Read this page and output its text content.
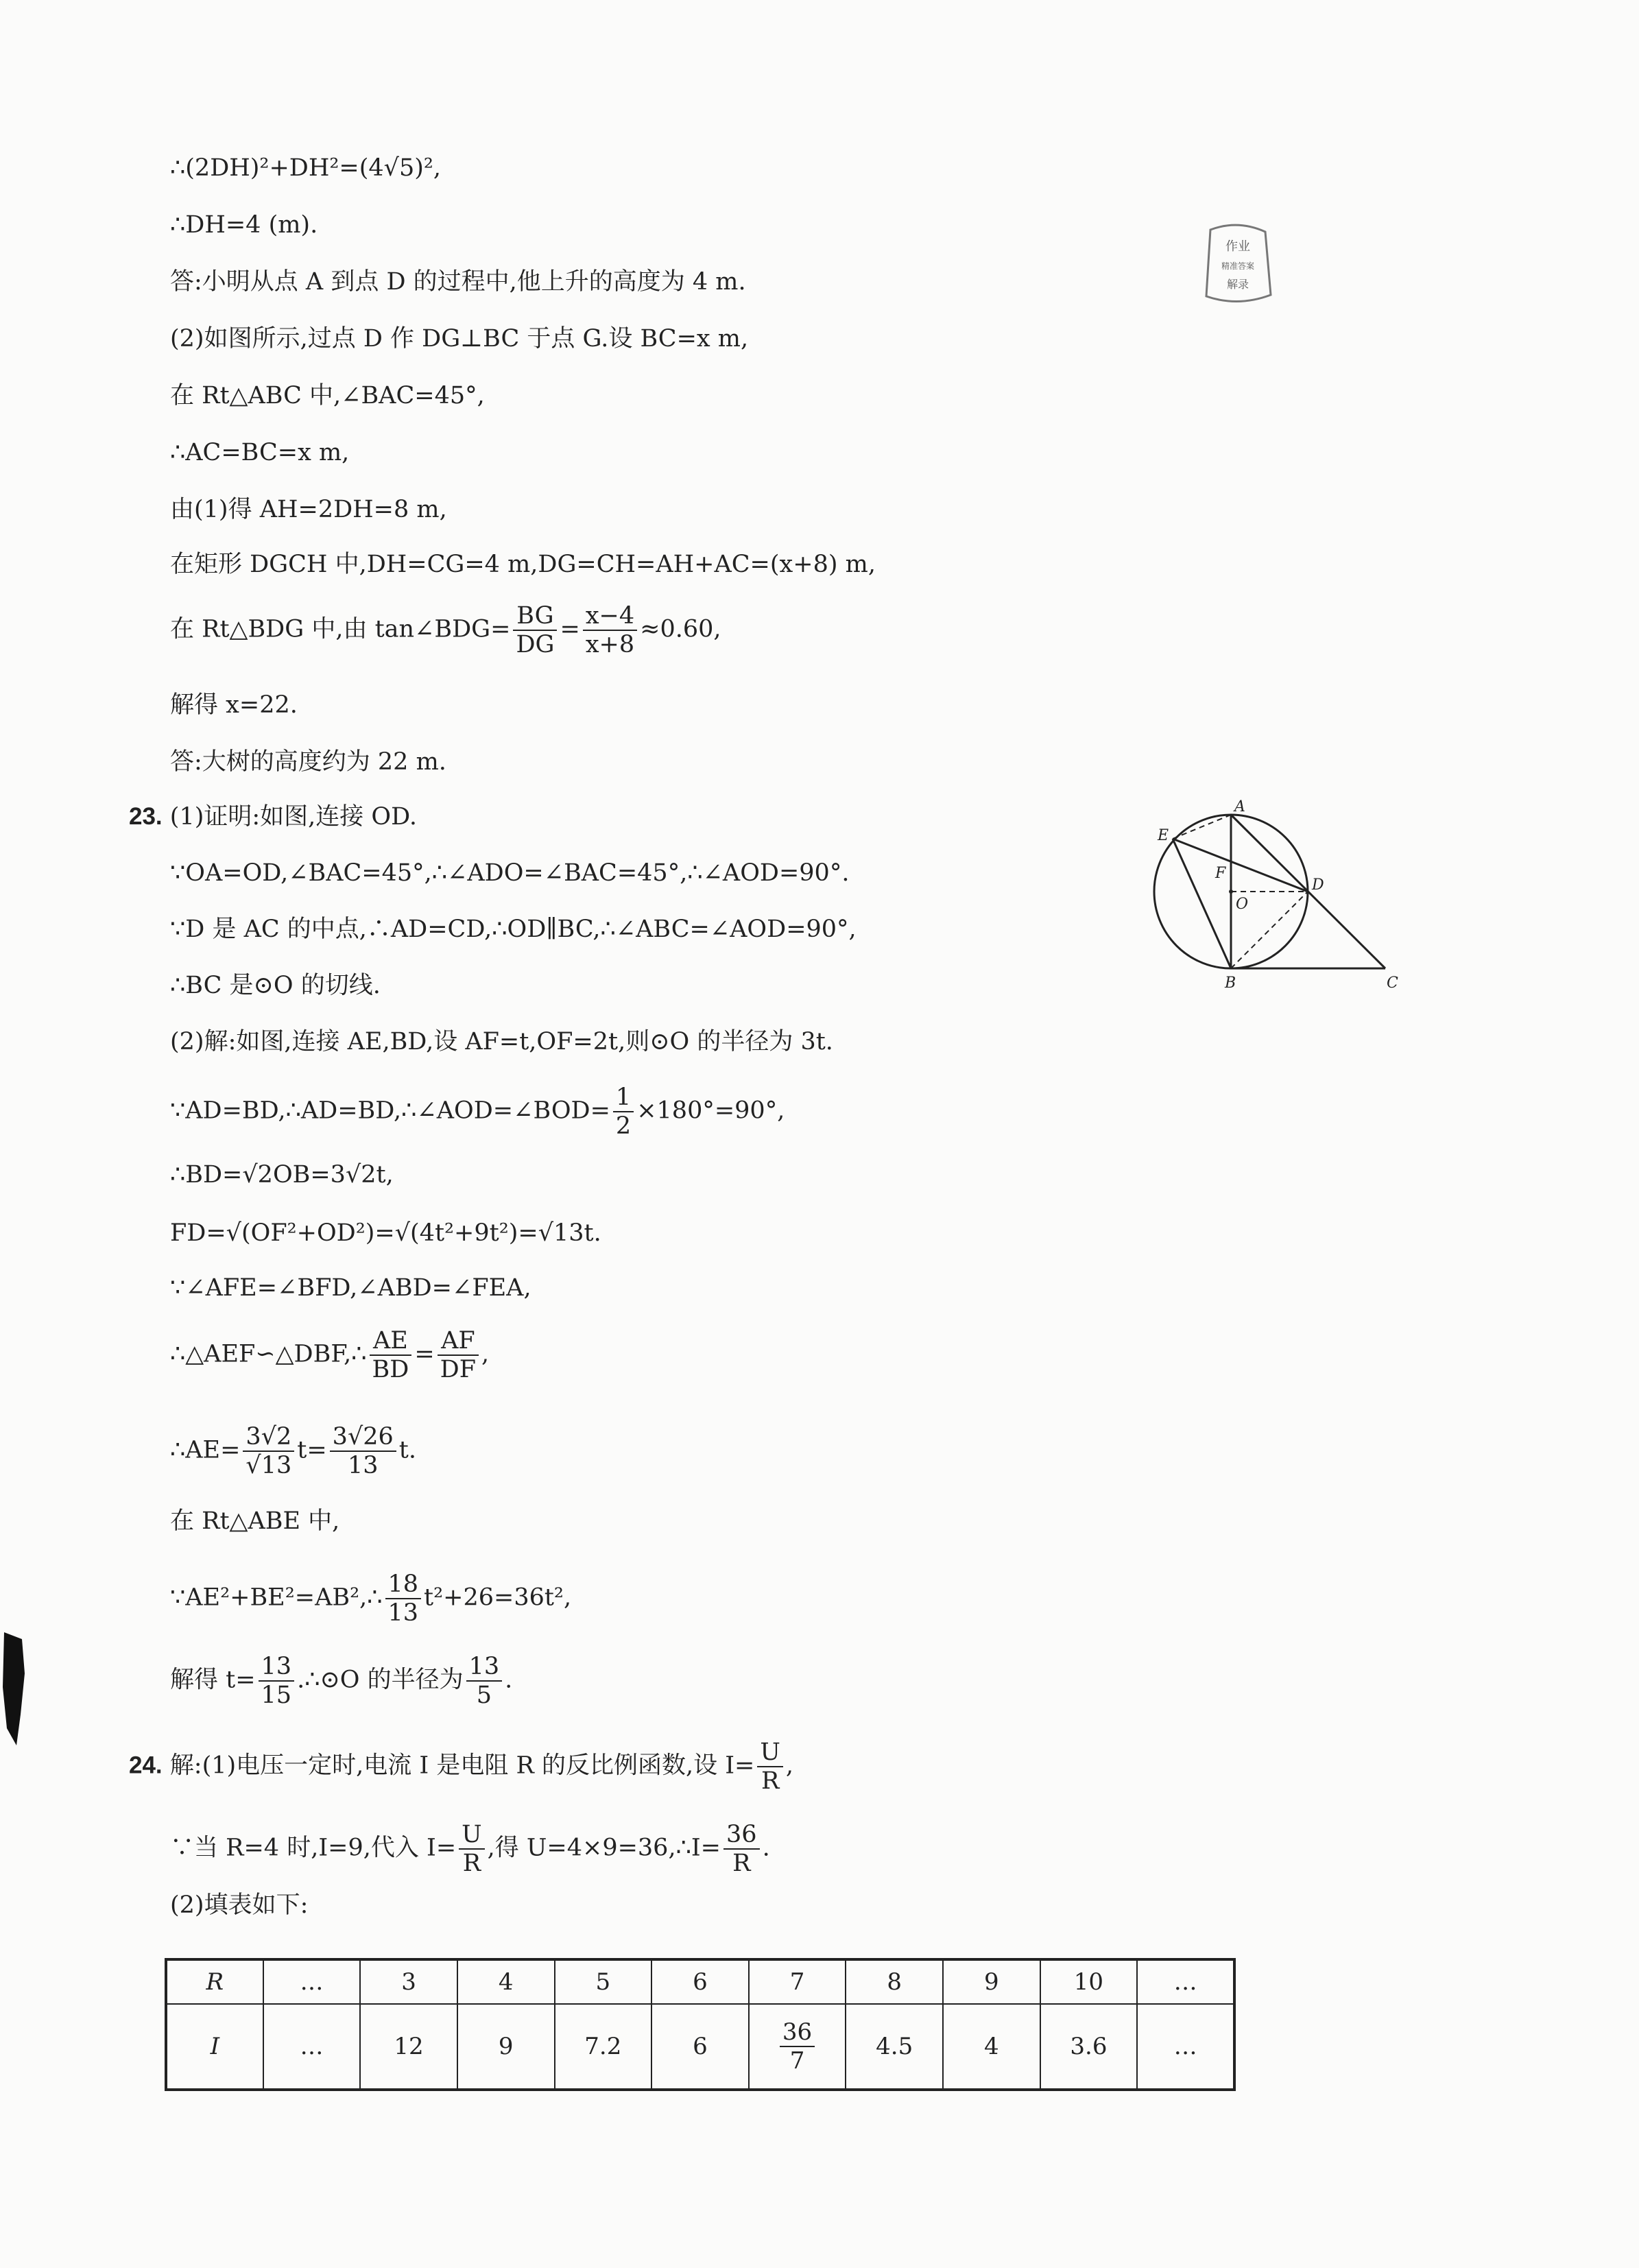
作业
精准答案
解录
∴(2DH)²+DH²=(4√5)²,
∴DH=4 (m).
答:小明从点 A 到点 D 的过程中,他上升的高度为 4 m.
(2)如图所示,过点 D 作 DG⊥BC 于点 G.设 BC=x m,
在 Rt△ABC 中,∠BAC=45°,
∴AC=BC=x m,
由(1)得 AH=2DH=8 m,
在矩形 DGCH 中,DH=CG=4 m,DG=CH=AH+AC=(x+8) m,
在 Rt△BDG 中,由 tan∠BDG= $\frac{BG}{DG} = \frac{x-4}{x+8} \approx 0.60$,
解得 x=22.
答:大树的高度约为 22 m.
23. (1)证明:如图,连接 OD.
∵OA=OD,∠BAC=45°,∴∠ADO=∠BAC=45°,∴∠AOD=90°.
∵D 是 AC 的中点,∴AD=CD,∴OD∥BC,∴∠ABC=∠AOD=90°,
∴BC 是⊙O 的切线.
(2)解:如图,连接 AE,BD,设 AF=t,OF=2t,则⊙O 的半径为 3t.
∵AD=BD,∴AD=BD,∴∠AOD=∠BOD= $\frac{1}{2} \times 180^\circ=90^\circ$,
∴BD=√2OB=3√2t,
FD=√(OF²+OD²)=√(4t²+9t²)=√13t.
∵∠AFE=∠BFD,∠ABD=∠FEA,
∴△AEF∽△DBF,∴ $\frac{AE}{BD} = \frac{AF}{DF}$ ,
∴AE= $\frac{3√2}{√13} t= \frac{3√26}{13} t$.
在 Rt△ABE 中,
∵AE²+BE²=AB²,∴ $\frac{18}{13} t^2+26=36t^2$,
解得 $t= \frac{13}{15}$ .∴⊙O 的半径为 $\frac{13}{5}$ .
24. 解:(1)电压一定时,电流 I 是电阻 R 的反比例函数,设 $I= \frac{U}{R}$ ,
∵当 R=4 时,I=9,代入 $I= \frac{U}{R}$ ,得 U=4×9=36,∴I= $\frac{36}{R}$ .
(2)填表如下:
A
E
F
O
D
B	C
R	…	3	4	5	6	7	8	9	10	…
I	…	12	9	7.2	6	$\frac{36}{7}$	4.5	4	3.6	…
